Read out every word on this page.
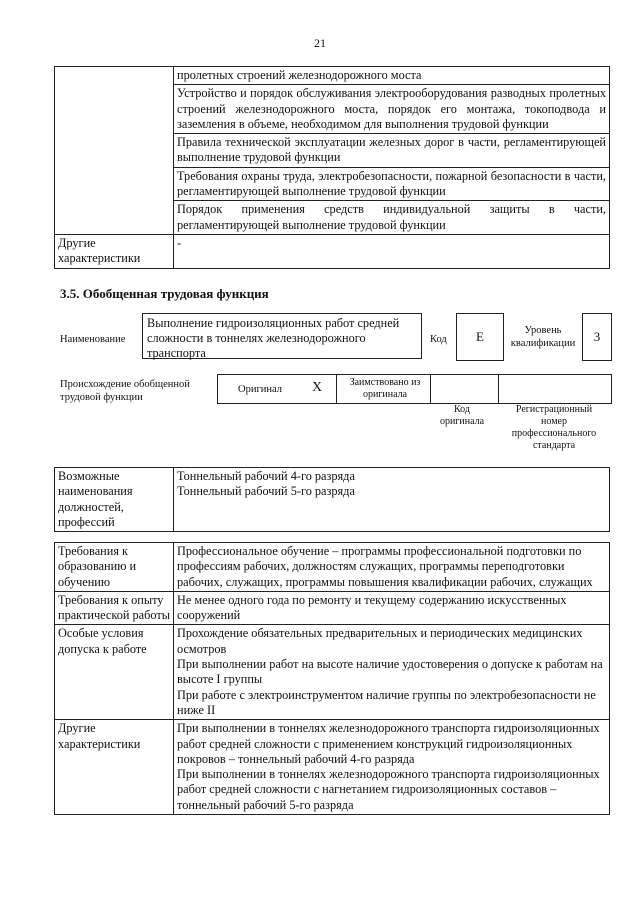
21
	пролетных строений железнодорожного моста
	Устройство и порядок обслуживания электрооборудования разводных пролетных строений железнодорожного моста, порядок его монтажа, токоподвода и заземления в объеме, необходимом для выполнения трудовой функции
	Правила технической эксплуатации железных дорог в части, регламентирующей выполнение трудовой функции
	Требования охраны труда, электробезопасности, пожарной безопасности в части, регламентирующей выполнение трудовой функции
	Порядок применения средств индивидуальной защиты в части, регламентирующей выполнение трудовой функции
Другие характеристики	-
3.5. Обобщенная трудовая функция
Наименование
Выполнение гидроизоляционных работ средней сложности в тоннелях железнодорожного транспорта
Код	E	Уровень квалификации	3
Происхождение обобщенной трудовой функции
Оригинал X	Заимствовано из оригинала
Код оригинала
Регистрационный номер профессионального стандарта
Возможные наименования должностей, профессий	
Тоннельный рабочий 4-го разряда
Тоннельный рабочий 5-го разряда
Требования к образованию и обучению	Профессиональное обучение – программы профессиональной подготовки по профессиям рабочих, должностям служащих, программы переподготовки рабочих, служащих, программы повышения квалификации рабочих, служащих

Требования к опыту практической работы	Не менее одного года по ремонту и текущему содержанию искусственных сооружений

Особые условия допуска к работе	Прохождение обязательных предварительных и периодических медицинских осмотров
При выполнении работ на высоте наличие удостоверения о допуске к работам на высоте I группы
При работе с электроинструментом наличие группы по электробезопасности не ниже II

Другие характеристики	При выполнении в тоннелях железнодорожного транспорта гидроизоляционных работ средней сложности с применением конструкций гидроизоляционных покровов – тоннельный рабочий 4-го разряда
При выполнении в тоннелях железнодорожного транспорта гидроизоляционных работ средней сложности с нагнетанием гидроизоляционных составов – тоннельный рабочий 5-го разряда
